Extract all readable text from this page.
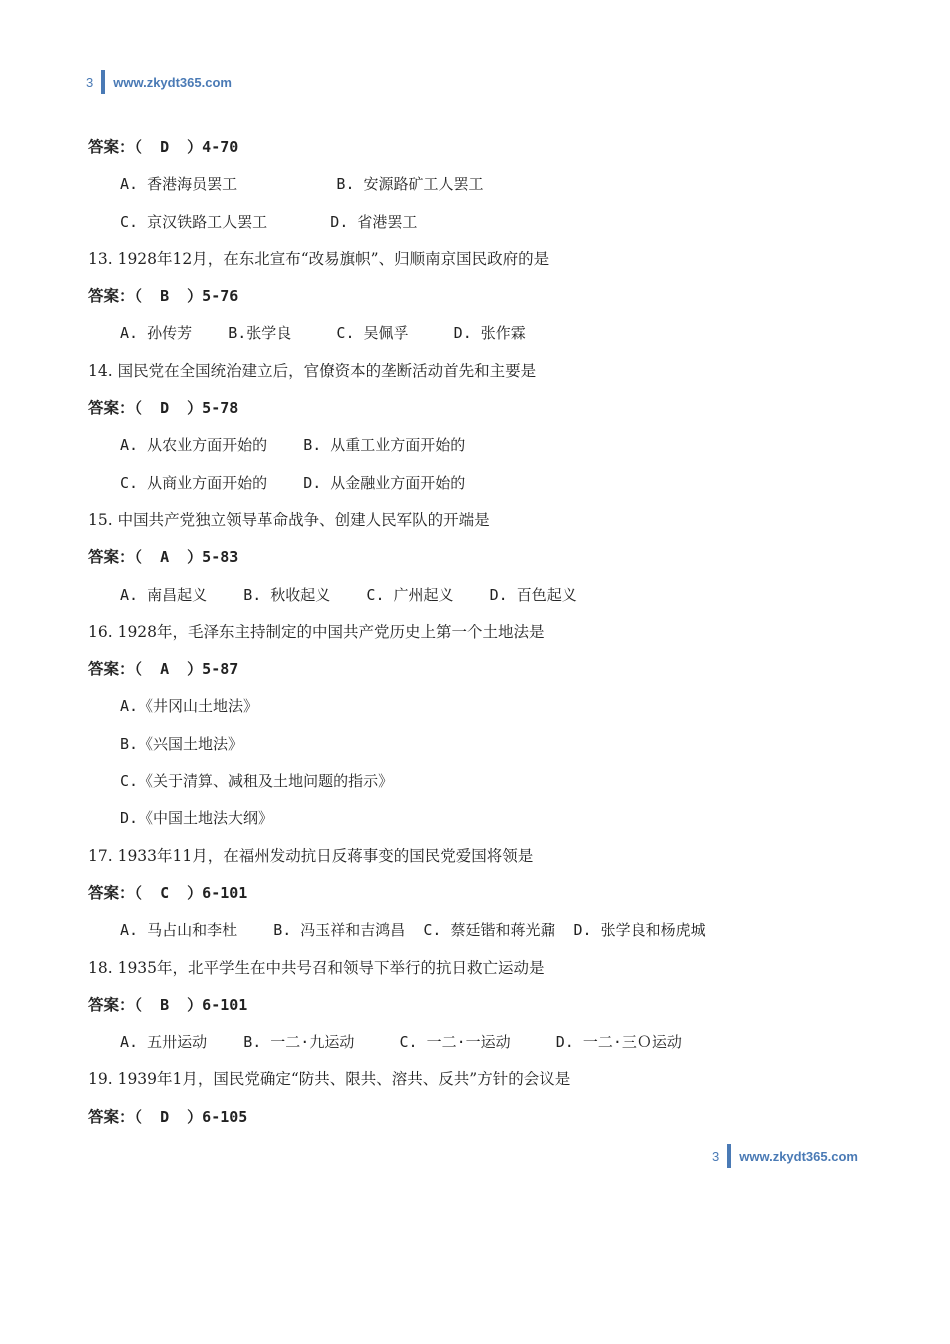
3 www.zkydt365.com
答案：（  D  ）4-70
A. 香港海员罢工           B. 安源路矿工人罢工
C. 京汉铁路工人罢工       D. 省港罢工
13. 1928年12月，在东北宣布“改易旗帜”、归顺南京国民政府的是
答案：（  B  ）5-76
A. 孙传芳    B.张学良     C. 吴佩孚     D. 张作霖
14. 国民党在全国统治建立后，官僚资本的垄断活动首先和主要是
答案：（  D  ）5-78
A. 从农业方面开始的    B. 从重工业方面开始的
C. 从商业方面开始的    D. 从金融业方面开始的
15. 中国共产党独立领导革命战争、创建人民军队的开端是
答案：（  A  ）5-83
A. 南昌起义    B. 秋收起义    C. 广州起义    D. 百色起义
16. 1928年，毛泽东主持制定的中国共产党历史上第一个土地法是
答案：（  A  ）5-87
A.《井冈山土地法》
B.《兴国土地法》
C.《关于清算、减租及土地问题的指示》
D.《中国土地法大纲》
17. 1933年11月，在福州发动抗日反蒋事变的国民党爱国将领是
答案：（  C  ）6-101
A. 马占山和李杜    B. 冯玉祥和吉鸿昌  C. 蔡廷锴和蒋光鼐  D. 张学良和杨虎城
18. 1935年，北平学生在中共号召和领导下举行的抗日救亡运动是
答案：（  B  ）6-101
A. 五卅运动    B. 一二·九运动     C. 一二·一运动     D. 一二·三Ｏ运动
19. 1939年1月，国民党确定“防共、限共、溶共、反共”方针的会议是
答案：（  D  ）6-105
3 www.zkydt365.com
